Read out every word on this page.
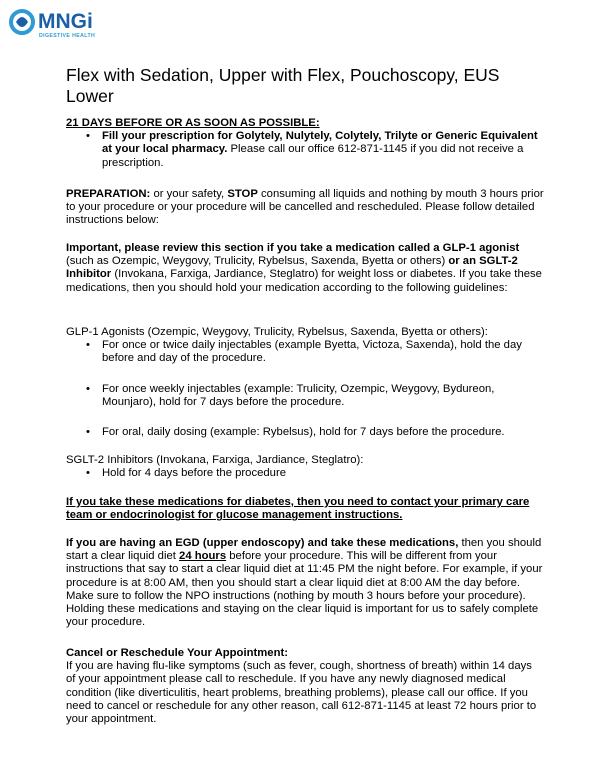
MNGi
DIGESTIVE HEALTH
Flex with Sedation, Upper with Flex, Pouchoscopy, EUS Lower

21 DAYS BEFORE OR AS SOON AS POSSIBLE:

• Fill your prescription for Golytely, Nulytely, Colytely, Trilyte or Generic Equivalent at your local pharmacy. Please call our office 612-871-1145 if you did not receive a prescription.

PREPARATION: or your safety, STOP consuming all liquids and nothing by mouth 3 hours prior to your procedure or your procedure will be cancelled and rescheduled. Please follow detailed instructions below:

Important, please review this section if you take a medication called a GLP-1 agonist (such as Ozempic, Weygovy, Trulicity, Rybelsus, Saxenda, Byetta or others) or an SGLT-2 Inhibitor (Invokana, Farxiga, Jardiance, Steglatro) for weight loss or diabetes. If you take these medications, then you should hold your medication according to the following guidelines:

GLP-1 Agonists (Ozempic, Weygovy, Trulicity, Rybelsus, Saxenda, Byetta or others):

• For once or twice daily injectables (example Byetta, Victoza, Saxenda), hold the day before and day of the procedure.
• For once weekly injectables (example: Trulicity, Ozempic, Weygovy, Bydureon, Mounjaro), hold for 7 days before the procedure.
• For oral, daily dosing (example: Rybelsus), hold for 7 days before the procedure.

SGLT-2 Inhibitors (Invokana, Farxiga, Jardiance, Steglatro):

• Hold for 4 days before the procedure

If you take these medications for diabetes, then you need to contact your primary care team or endocrinologist for glucose management instructions.

If you are having an EGD (upper endoscopy) and take these medications, then you should start a clear liquid diet 24 hours before your procedure. This will be different from your instructions that say to start a clear liquid diet at 11:45 PM the night before. For example, if your procedure is at 8:00 AM, then you should start a clear liquid diet at 8:00 AM the day before. Make sure to follow the NPO instructions (nothing by mouth 3 hours before your procedure). Holding these medications and staying on the clear liquid is important for us to safely complete your procedure.

Cancel or Reschedule Your Appointment:

If you are having flu-like symptoms (such as fever, cough, shortness of breath) within 14 days of your appointment please call to reschedule. If you have any newly diagnosed medical condition (like diverticulitis, heart problems, breathing problems), please call our office. If you need to cancel or reschedule for any other reason, call 612-871-1145 at least 72 hours prior to your appointment.
